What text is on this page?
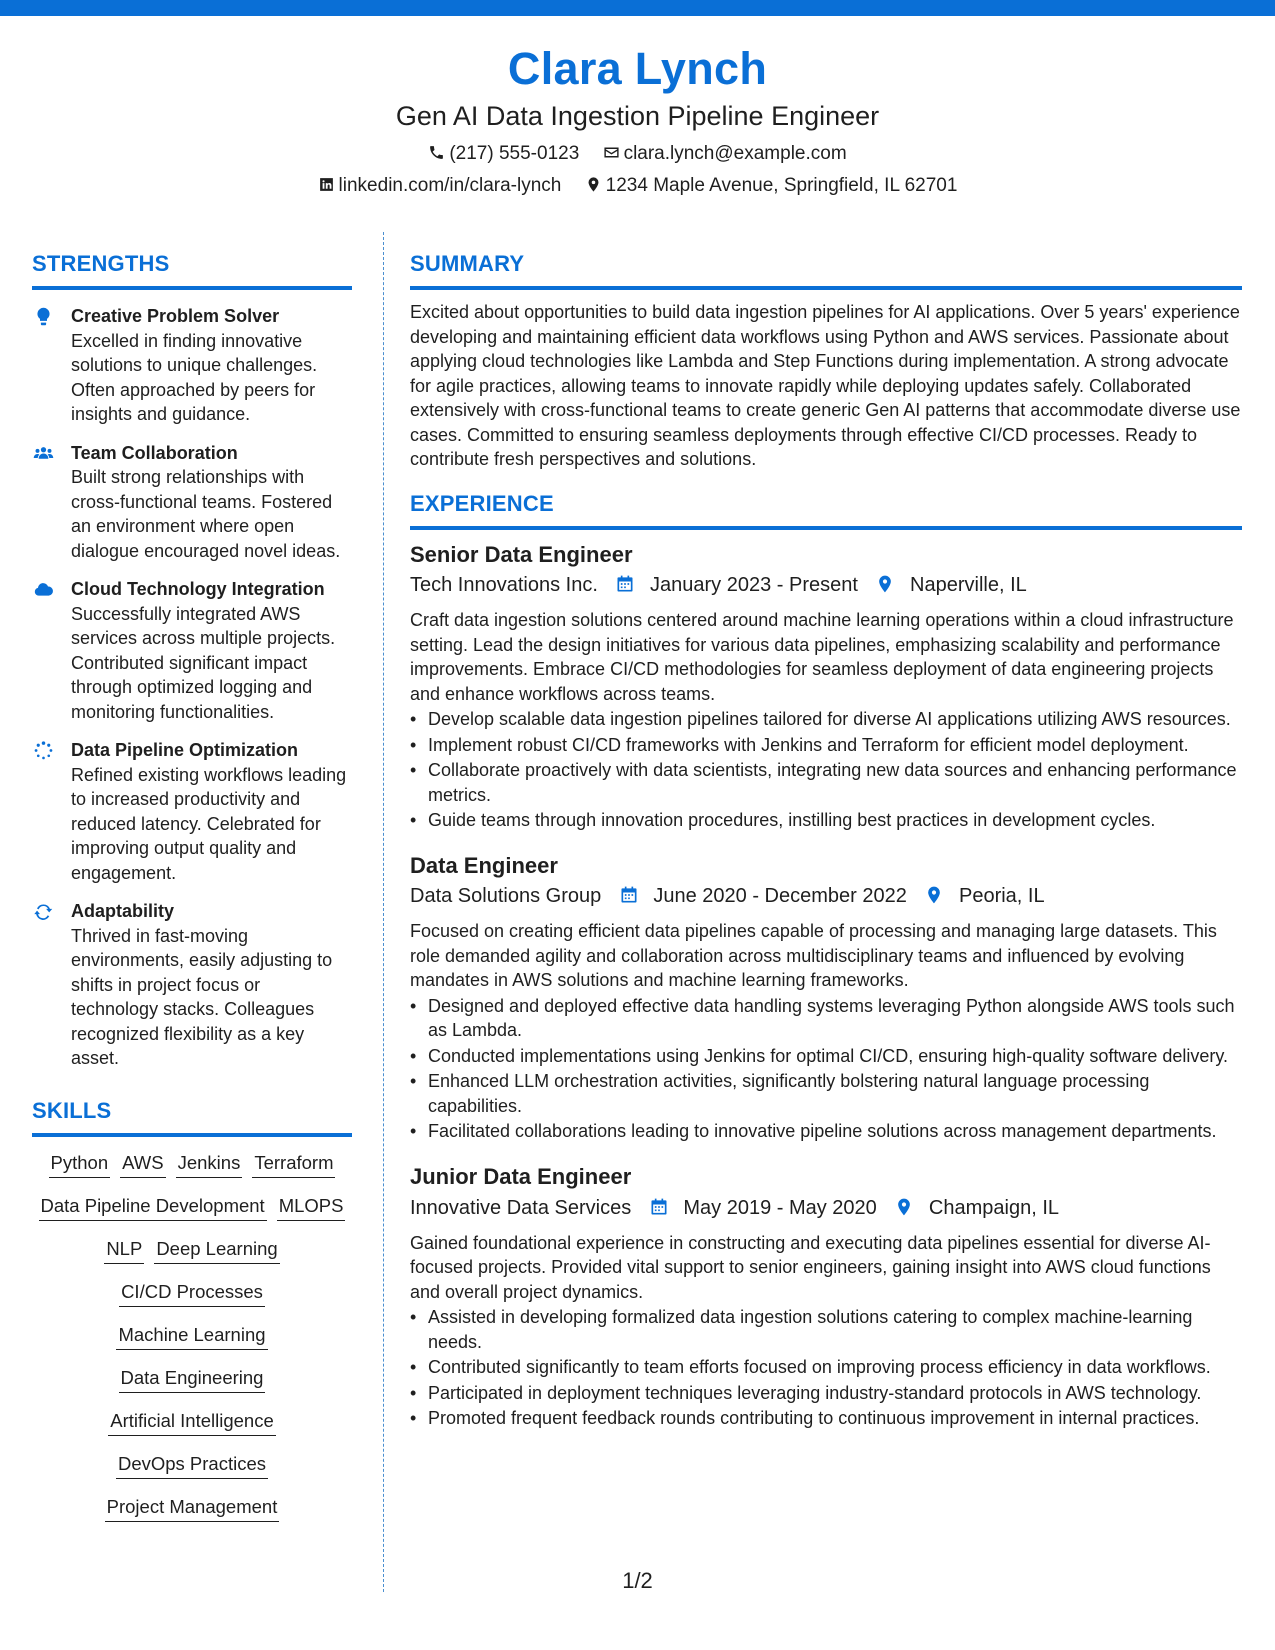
Clara Lynch
Gen AI Data Ingestion Pipeline Engineer
(217) 555-0123 clara.lynch@example.com
linkedin.com/in/clara-lynch 1234 Maple Avenue, Springfield, IL 62701
STRENGTHS
Creative Problem Solver
Excelled in finding innovative solutions to unique challenges. Often approached by peers for insights and guidance.
Team Collaboration
Built strong relationships with cross-functional teams. Fostered an environment where open dialogue encouraged novel ideas.
Cloud Technology Integration
Successfully integrated AWS services across multiple projects. Contributed significant impact through optimized logging and monitoring functionalities.
Data Pipeline Optimization
Refined existing workflows leading to increased productivity and reduced latency. Celebrated for improving output quality and engagement.
Adaptability
Thrived in fast-moving environments, easily adjusting to shifts in project focus or technology stacks. Colleagues recognized flexibility as a key asset.
SKILLS
Python AWS Jenkins Terraform
Data Pipeline Development MLOPS
NLP Deep Learning
CI/CD Processes
Machine Learning
Data Engineering
Artificial Intelligence
DevOps Practices
Project Management
SUMMARY
Excited about opportunities to build data ingestion pipelines for AI applications. Over 5 years' experience developing and maintaining efficient data workflows using Python and AWS services. Passionate about applying cloud technologies like Lambda and Step Functions during implementation. A strong advocate for agile practices, allowing teams to innovate rapidly while deploying updates safely. Collaborated extensively with cross-functional teams to create generic Gen AI patterns that accommodate diverse use cases. Committed to ensuring seamless deployments through effective CI/CD processes. Ready to contribute fresh perspectives and solutions.
EXPERIENCE
Senior Data Engineer
Tech Innovations Inc.	January 2023 - Present	Naperville, IL
Craft data ingestion solutions centered around machine learning operations within a cloud infrastructure setting. Lead the design initiatives for various data pipelines, emphasizing scalability and performance improvements. Embrace CI/CD methodologies for seamless deployment of data engineering projects and enhance workflows across teams.
• Develop scalable data ingestion pipelines tailored for diverse AI applications utilizing AWS resources.
• Implement robust CI/CD frameworks with Jenkins and Terraform for efficient model deployment.
• Collaborate proactively with data scientists, integrating new data sources and enhancing performance metrics.
• Guide teams through innovation procedures, instilling best practices in development cycles.
Data Engineer
Data Solutions Group	June 2020 - December 2022	Peoria, IL
Focused on creating efficient data pipelines capable of processing and managing large datasets. This role demanded agility and collaboration across multidisciplinary teams and influenced by evolving mandates in AWS solutions and machine learning frameworks.
• Designed and deployed effective data handling systems leveraging Python alongside AWS tools such as Lambda.
• Conducted implementations using Jenkins for optimal CI/CD, ensuring high-quality software delivery.
• Enhanced LLM orchestration activities, significantly bolstering natural language processing capabilities.
• Facilitated collaborations leading to innovative pipeline solutions across management departments.
Junior Data Engineer
Innovative Data Services	May 2019 - May 2020	Champaign, IL
Gained foundational experience in constructing and executing data pipelines essential for diverse AI-focused projects. Provided vital support to senior engineers, gaining insight into AWS cloud functions and overall project dynamics.
• Assisted in developing formalized data ingestion solutions catering to complex machine-learning needs.
• Contributed significantly to team efforts focused on improving process efficiency in data workflows.
• Participated in deployment techniques leveraging industry-standard protocols in AWS technology.
• Promoted frequent feedback rounds contributing to continuous improvement in internal practices.
1/2
